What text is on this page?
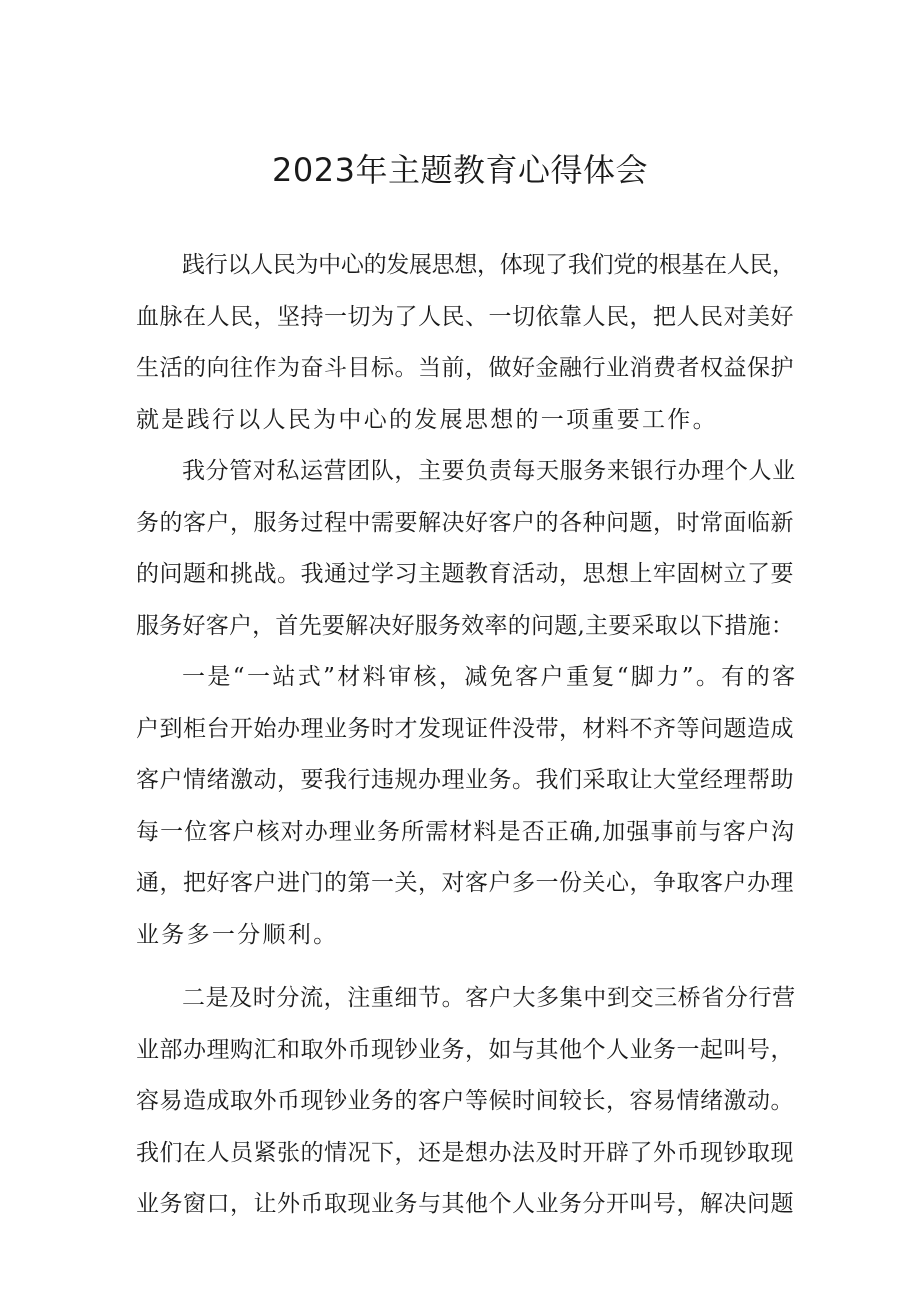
2023年主题教育心得体会

践行以人民为中心的发展思想，体现了我们党的根基在人民，
血脉在人民，坚持一切为了人民、一切依靠人民，把人民对美好
生活的向往作为奋斗目标。当前，做好金融行业消费者权益保护
就是践行以人民为中心的发展思想的一项重要工作。

我分管对私运营团队，主要负责每天服务来银行办理个人业
务的客户，服务过程中需要解决好客户的各种问题，时常面临新
的问题和挑战。我通过学习主题教育活动，思想上牢固树立了要
服务好客户，首先要解决好服务效率的问题,主要采取以下措施：

一是“一站式”材料审核，减免客户重复“脚力”。有的客
户到柜台开始办理业务时才发现证件没带，材料不齐等问题造成
客户情绪激动，要我行违规办理业务。我们采取让大堂经理帮助
每一位客户核对办理业务所需材料是否正确,加强事前与客户沟
通，把好客户进门的第一关，对客户多一份关心，争取客户办理
业务多一分顺利。

二是及时分流，注重细节。客户大多集中到交三桥省分行营
业部办理购汇和取外币现钞业务，如与其他个人业务一起叫号，
容易造成取外币现钞业务的客户等候时间较长，容易情绪激动。
我们在人员紧张的情况下，还是想办法及时开辟了外币现钞取现
业务窗口，让外币取现业务与其他个人业务分开叫号，解决问题
